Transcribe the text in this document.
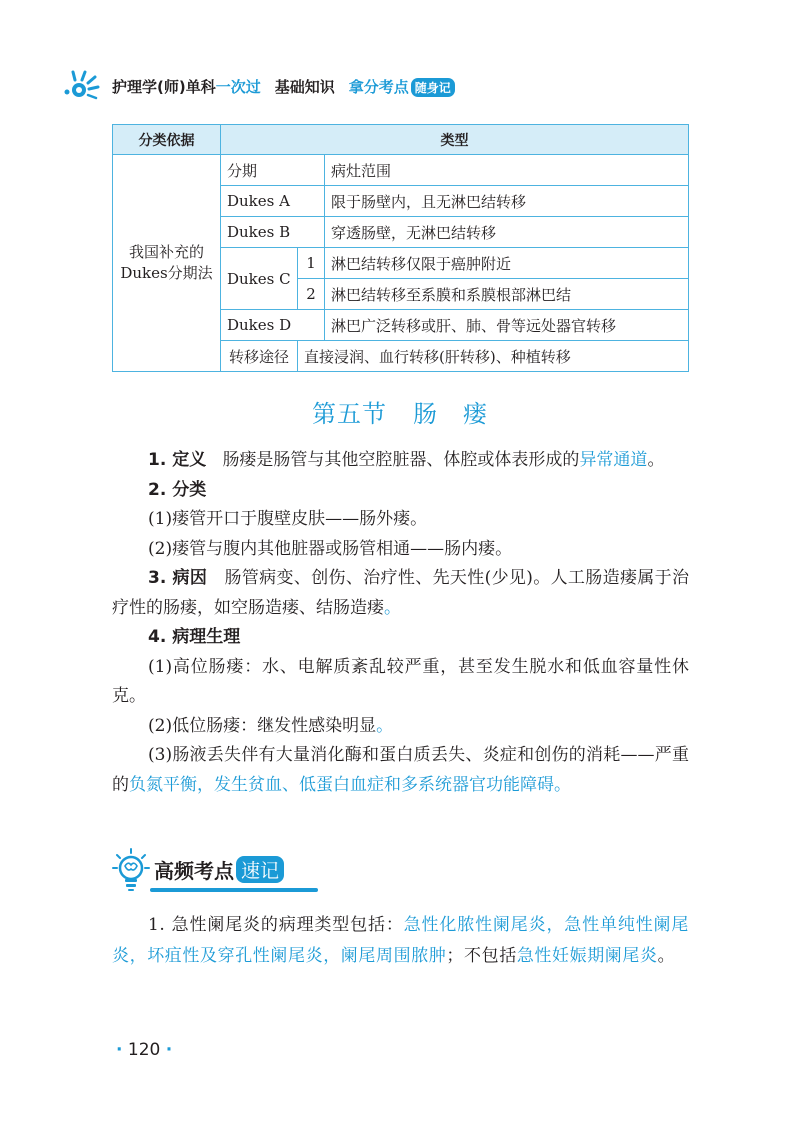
护理学(师)单科一次过 基础知识 拿分考点 随身记
分类依据	类型		
我国补充的Dukes分期法	分期		病灶范围
	Dukes A		限于肠壁内，且无淋巴结转移
	Dukes B		穿透肠壁，无淋巴结转移
	Dukes C	1	淋巴结转移仅限于癌肿附近
		2	淋巴结转移至系膜和系膜根部淋巴结
	Dukes D		淋巴广泛转移或肝、肺、骨等远处器官转移
	转移途径	直接浸润、血行转移(肝转移)、种植转移	
第五节 肠　瘘

1. 定义 肠瘘是肠管与其他空腔脏器、体腔或体表形成的异常通道。

2. 分类

(1)瘘管开口于腹壁皮肤——肠外瘘。

(2)瘘管与腹内其他脏器或肠管相通——肠内瘘。

3. 病因 肠管病变、创伤、治疗性、先天性(少见)。人工肠造瘘属于治疗性的肠瘘，如空肠造瘘、结肠造瘘。

4. 病理生理

(1)高位肠瘘：水、电解质紊乱较严重，甚至发生脱水和低血容量性休克。

(2)低位肠瘘：继发性感染明显。

(3)肠液丢失伴有大量消化酶和蛋白质丢失、炎症和创伤的消耗——严重的负氮平衡，发生贫血、低蛋白血症和多系统器官功能障碍。

高频考点 速记

1. 急性阑尾炎的病理类型包括：急性化脓性阑尾炎，急性单纯性阑尾炎，坏疽性及穿孔性阑尾炎，阑尾周围脓肿；不包括急性妊娠期阑尾炎。

· 120 ·
